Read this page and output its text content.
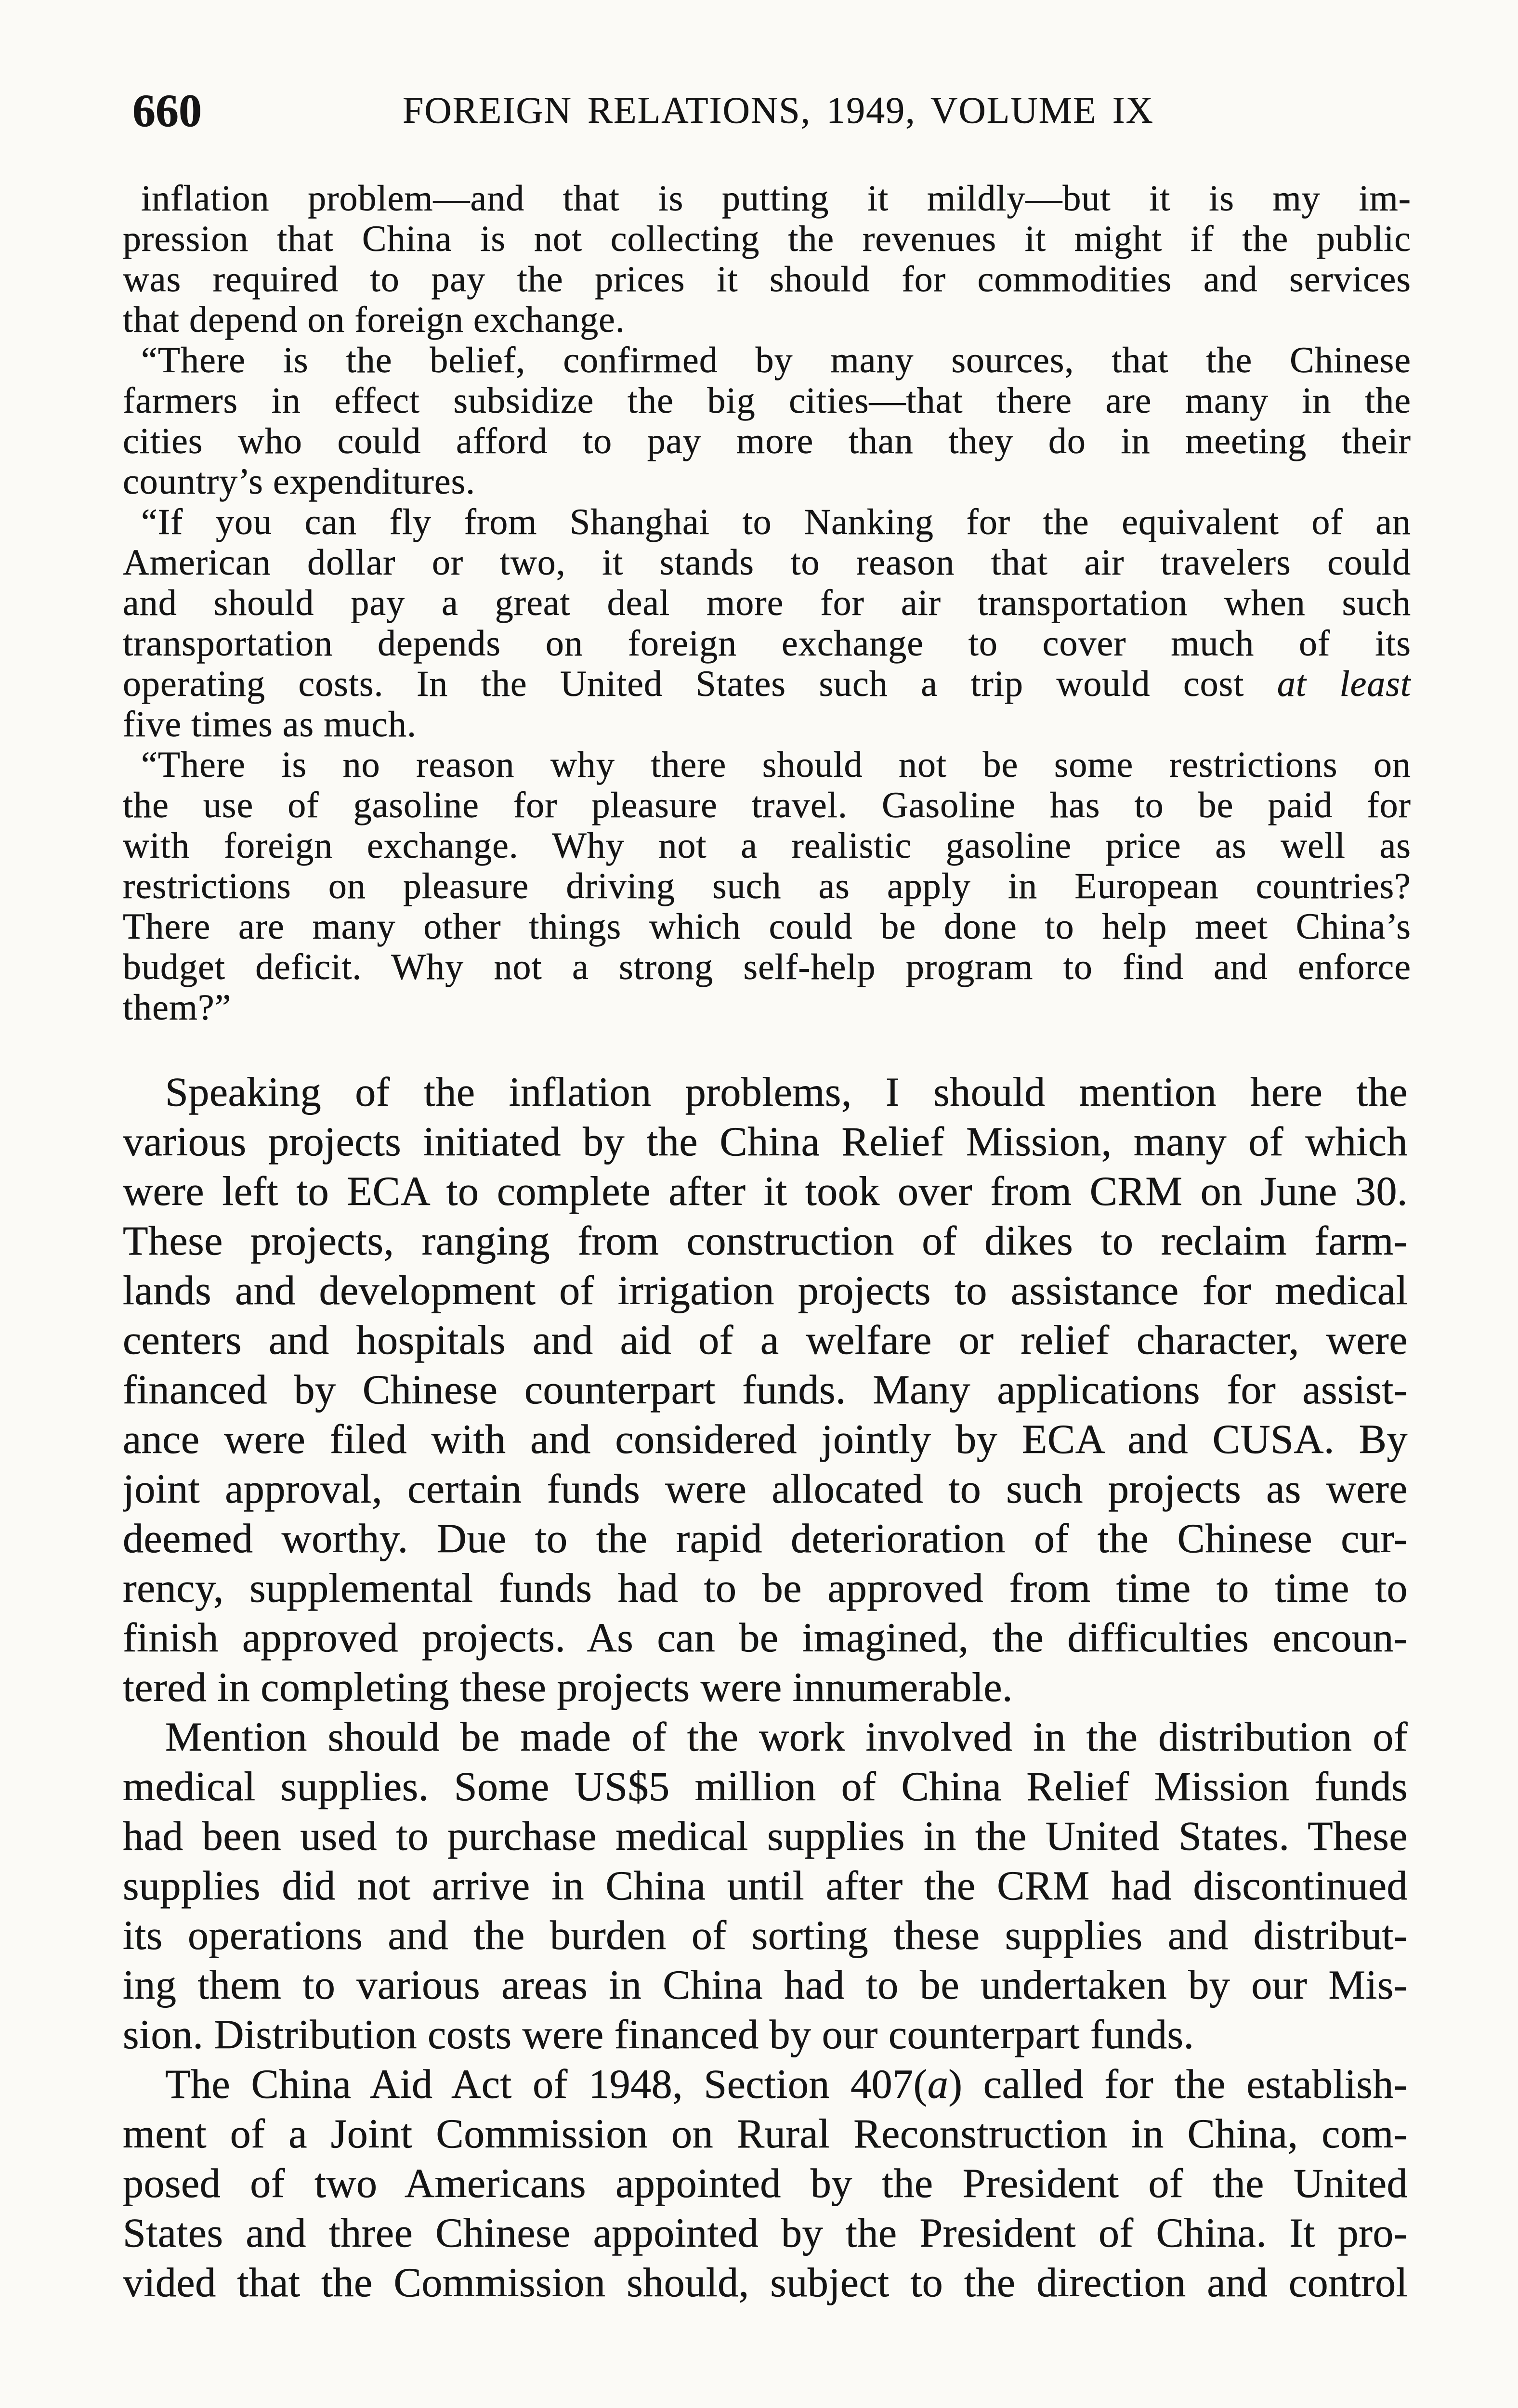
660	FOREIGN RELATIONS, 1949, VOLUME IX
inflation problem—and that is putting it mildly—but it is my im-
pression that China is not collecting the revenues it might if the public
was required to pay the prices it should for commodities and services
that depend on foreign exchange.
“There is the belief, confirmed by many sources, that the Chinese
farmers in effect subsidize the big cities—that there are many in the
cities who could afford to pay more than they do in meeting their
country’s expenditures.
“If you can fly from Shanghai to Nanking for the equivalent of an
American dollar or two, it stands to reason that air travelers could
and should pay a great deal more for air transportation when such
transportation depends on foreign exchange to cover much of its
operating costs. In the United States such a trip would cost at least
five times as much.
“There is no reason why there should not be some restrictions on
the use of gasoline for pleasure travel. Gasoline has to be paid for
with foreign exchange. Why not a realistic gasoline price as well as
restrictions on pleasure driving such as apply in European countries?
There are many other things which could be done to help meet China’s
budget deficit. Why not a strong self-help program to find and enforce
them?”
Speaking of the inflation problems, I should mention here the
various projects initiated by the China Relief Mission, many of which
were left to ECA to complete after it took over from CRM on June 30.
These projects, ranging from construction of dikes to reclaim farm-
lands and development of irrigation projects to assistance for medical
centers and hospitals and aid of a welfare or relief character, were
financed by Chinese counterpart funds. Many applications for assist-
ance were filed with and considered jointly by ECA and CUSA. By
joint approval, certain funds were allocated to such projects as were
deemed worthy. Due to the rapid deterioration of the Chinese cur-
rency, supplemental funds had to be approved from time to time to
finish approved projects. As can be imagined, the difficulties encoun-
tered in completing these projects were innumerable.
Mention should be made of the work involved in the distribution of
medical supplies. Some US$5 million of China Relief Mission funds
had been used to purchase medical supplies in the United States. These
supplies did not arrive in China until after the CRM had discontinued
its operations and the burden of sorting these supplies and distribut-
ing them to various areas in China had to be undertaken by our Mis-
sion. Distribution costs were financed by our counterpart funds.
The China Aid Act of 1948, Section 407(a) called for the establish-
ment of a Joint Commission on Rural Reconstruction in China, com-
posed of two Americans appointed by the President of the United
States and three Chinese appointed by the President of China. It pro-
vided that the Commission should, subject to the direction and control
